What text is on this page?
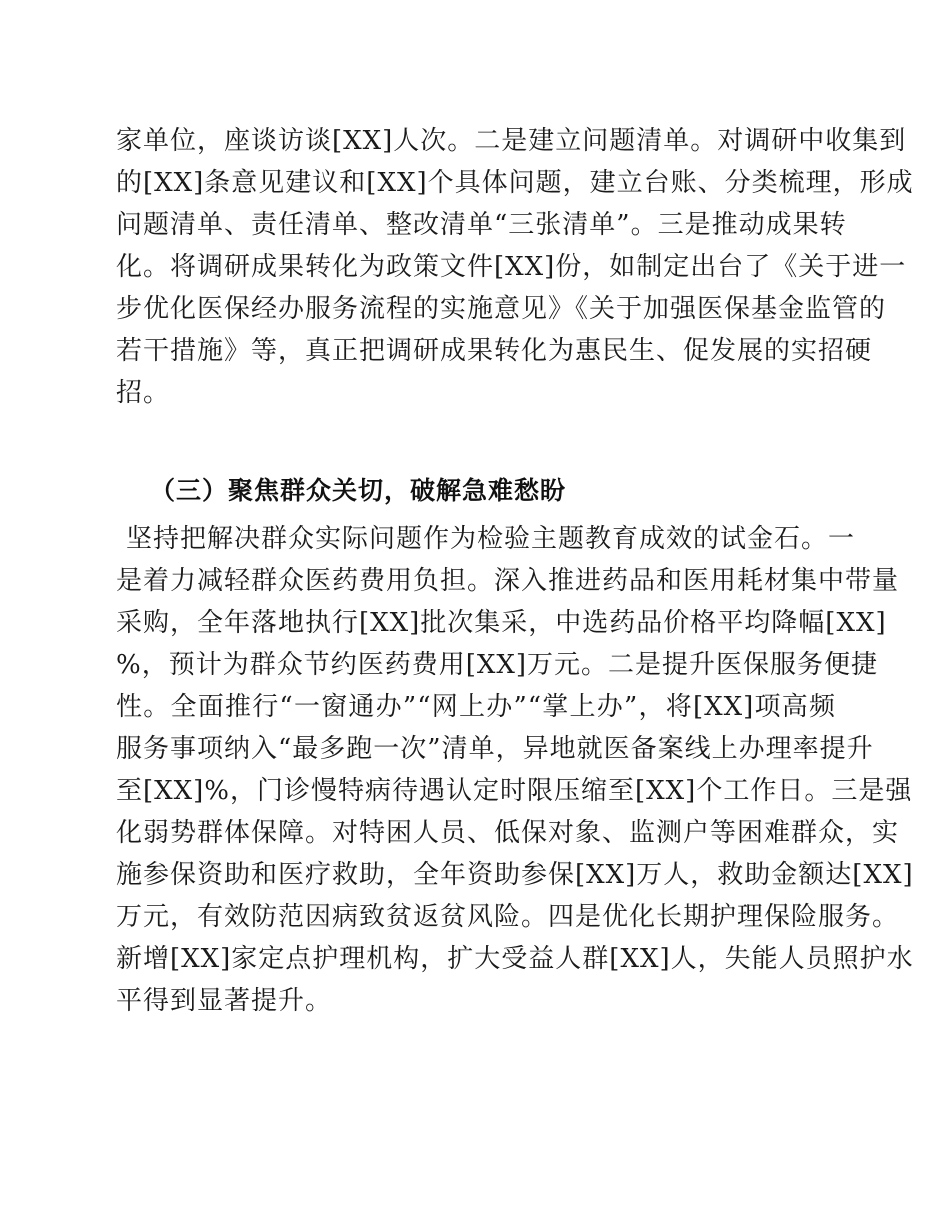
家单位，座谈访谈[XX]人次。二是建立问题清单。对调研中收集到
的[XX]条意见建议和[XX]个具体问题，建立台账、分类梳理，形成
问题清单、责任清单、整改清单“三张清单”。三是推动成果转
化。将调研成果转化为政策文件[XX]份，如制定出台了《关于进一
步优化医保经办服务流程的实施意见》《关于加强医保基金监管的
若干措施》等，真正把调研成果转化为惠民生、促发展的实招硬
招。
（三）聚焦群众关切，破解急难愁盼
坚持把解决群众实际问题作为检验主题教育成效的试金石。一
是着力减轻群众医药费用负担。深入推进药品和医用耗材集中带量
采购，全年落地执行[XX]批次集采，中选药品价格平均降幅[XX]
%，预计为群众节约医药费用[XX]万元。二是提升医保服务便捷
性。全面推行“一窗通办”“网上办”“掌上办”，将[XX]项高频
服务事项纳入“最多跑一次”清单，异地就医备案线上办理率提升
至[XX]%，门诊慢特病待遇认定时限压缩至[XX]个工作日。三是强
化弱势群体保障。对特困人员、低保对象、监测户等困难群众，实
施参保资助和医疗救助，全年资助参保[XX]万人，救助金额达[XX]
万元，有效防范因病致贫返贫风险。四是优化长期护理保险服务。
新增[XX]家定点护理机构，扩大受益人群[XX]人，失能人员照护水
平得到显著提升。
